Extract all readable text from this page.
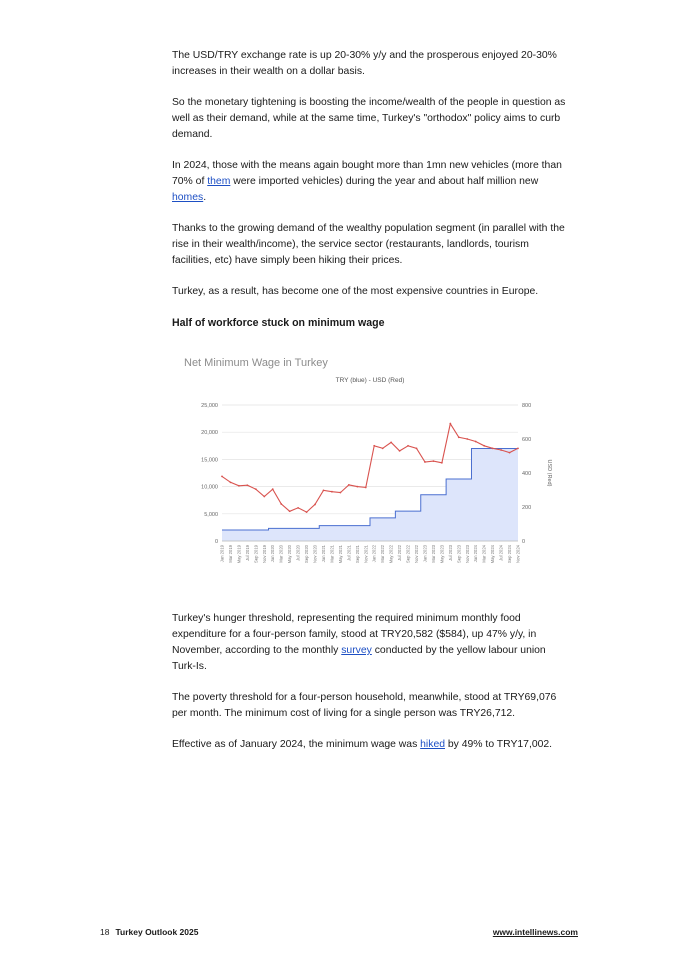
The USD/TRY exchange rate is up 20-30% y/y and the prosperous enjoyed 20-30% increases in their wealth on a dollar basis.

So the monetary tightening is boosting the income/wealth of the people in question as well as their demand, while at the same time, Turkey's "orthodox" policy aims to curb demand.

In 2024, those with the means again bought more than 1mn new vehicles (more than 70% of them were imported vehicles) during the year and about half million new homes.

Thanks to the growing demand of the wealthy population segment (in parallel with the rise in their wealth/income), the service sector (restaurants, landlords, tourism facilities, etc) have simply been hiking their prices.

Turkey, as a result, has become one of the most expensive countries in Europe.

Half of workforce stuck on minimum wage
Net Minimum Wage in Turkey
TRY (blue) - USD (Red)
0
5,000
10,000
15,000
20,000
25,000
0
200
400
600
800
USD (Red)
Jan 2019 Mar 2019 May 2019 Jul 2019 Sep 2019 Nov 2019 Jan 2020 Mar 2020 May 2020 Jul 2020 Sep 2020 Nov 2020 Jan 2021 Mar 2021 May 2021 Jul 2021 Sep 2021 Nov 2021 Jan 2022 Mar 2022 May 2022 Jul 2022 Sep 2022 Nov 2022 Jan 2023 Mar 2023 May 2023 Jul 2023 Sep 2023 Nov 2023 Jan 2024 Mar 2024 May 2024 Jul 2024 Sep 2024 Nov 2024

Turkey's hunger threshold, representing the required minimum monthly food expenditure for a four-person family, stood at TRY20,582 ($584), up 47% y/y, in November, according to the monthly survey conducted by the yellow labour union Turk-Is.

The poverty threshold for a four-person household, meanwhile, stood at TRY69,076 per month. The minimum cost of living for a single person was TRY26,712.

Effective as of January 2024, the minimum wage was hiked by 49% to TRY17,002.

18 Turkey Outlook 2025	www.intellinews.com
